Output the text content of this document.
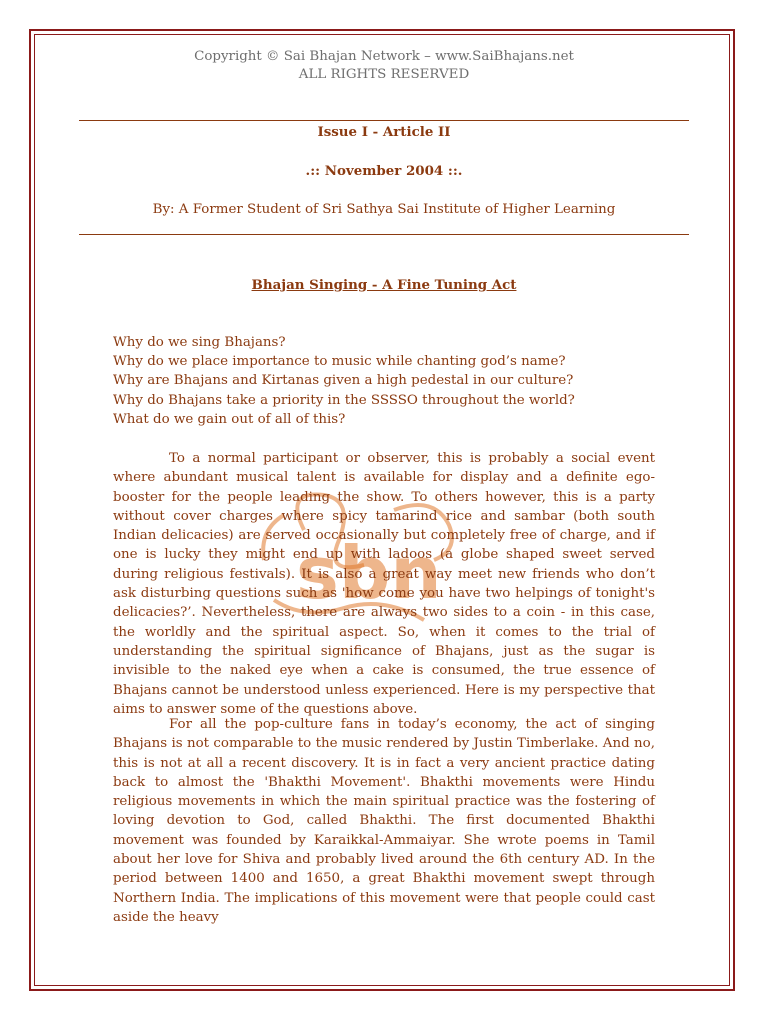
Copyright © Sai Bhajan Network – www.SaiBhajans.net
ALL RIGHTS RESERVED
Issue I - Article II
.:: November 2004 ::.
By: A Former Student of Sri Sathya Sai Institute of Higher Learning
sbn
Bhajan Singing - A Fine Tuning Act
Why do we sing Bhajans?
Why do we place importance to music while chanting god’s name?
Why are Bhajans and Kirtanas given a high pedestal in our culture?
Why do Bhajans take a priority in the SSSSO throughout the world?
What do we gain out of all of this?

To a normal participant or observer, this is probably a social event where abundant musical talent is available for display and a definite ego-booster for the people leading the show. To others however, this is a party without cover charges where spicy tamarind rice and sambar (both south Indian delicacies) are served occasionally but completely free of charge, and if one is lucky they might end up with ladoos (a globe shaped sweet served during religious festivals). It is also a great way meet new friends who don’t ask disturbing questions such as 'how come you have two helpings of tonight's delicacies?’. Nevertheless, there are always two sides to a coin - in this case, the worldly and the spiritual aspect. So, when it comes to the trial of understanding the spiritual significance of Bhajans, just as the sugar is invisible to the naked eye when a cake is consumed, the true essence of Bhajans cannot be understood unless experienced. Here is my perspective that aims to answer some of the questions above.

For all the pop-culture fans in today’s economy, the act of singing Bhajans is not comparable to the music rendered by Justin Timberlake. And no, this is not at all a recent discovery. It is in fact a very ancient practice dating back to almost the 'Bhakthi Movement'. Bhakthi movements were Hindu religious movements in which the main spiritual practice was the fostering of loving devotion to God, called Bhakthi. The first documented Bhakthi movement was founded by Karaikkal-Ammaiyar. She wrote poems in Tamil about her love for Shiva and probably lived around the 6th century AD. In the period between 1400 and 1650, a great Bhakthi movement swept through Northern India. The implications of this movement were that people could cast aside the heavy
